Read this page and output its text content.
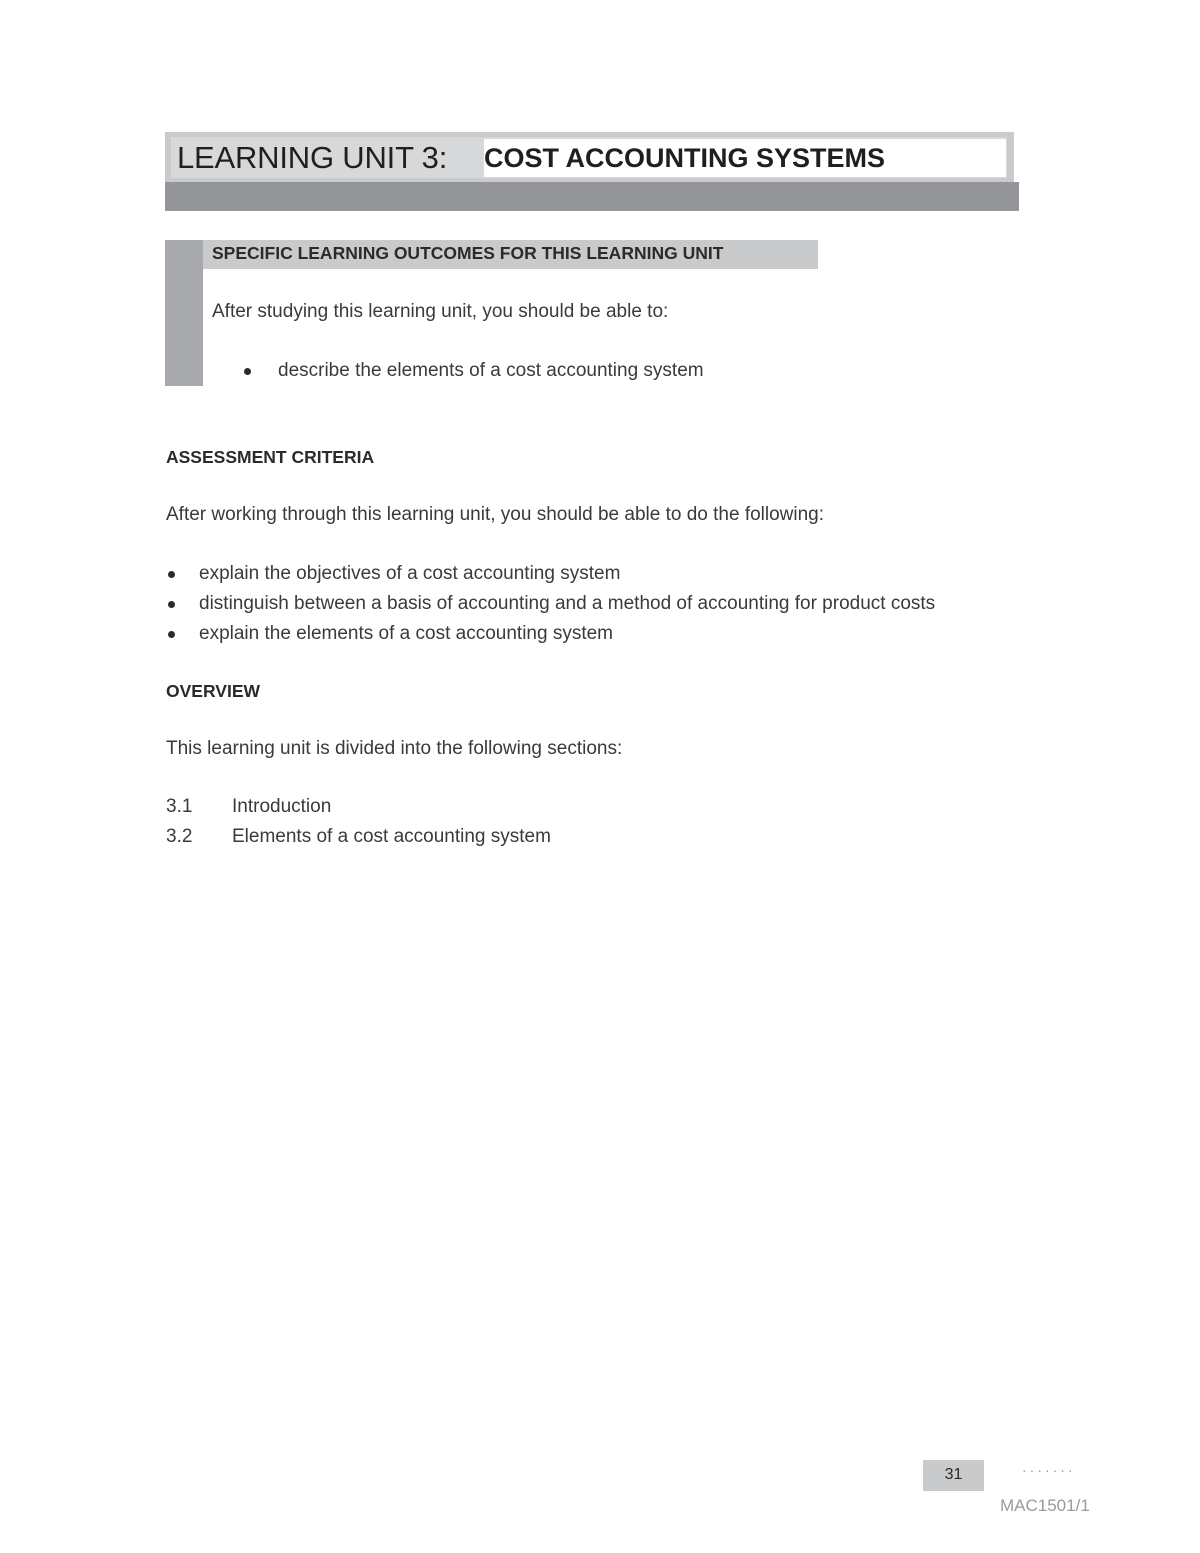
LEARNING UNIT 3: COST ACCOUNTING SYSTEMS
SPECIFIC LEARNING OUTCOMES FOR THIS LEARNING UNIT
After studying this learning unit, you should be able to:
describe the elements of a cost accounting system
ASSESSMENT CRITERIA
After working through this learning unit, you should be able to do the following:
explain the objectives of a cost accounting system
distinguish between a basis of accounting and a method of accounting for product costs
explain the elements of a cost accounting system
OVERVIEW
This learning unit is divided into the following sections:
3.1 Introduction
3.2 Elements of a cost accounting system
31	·······
MAC1501/1
